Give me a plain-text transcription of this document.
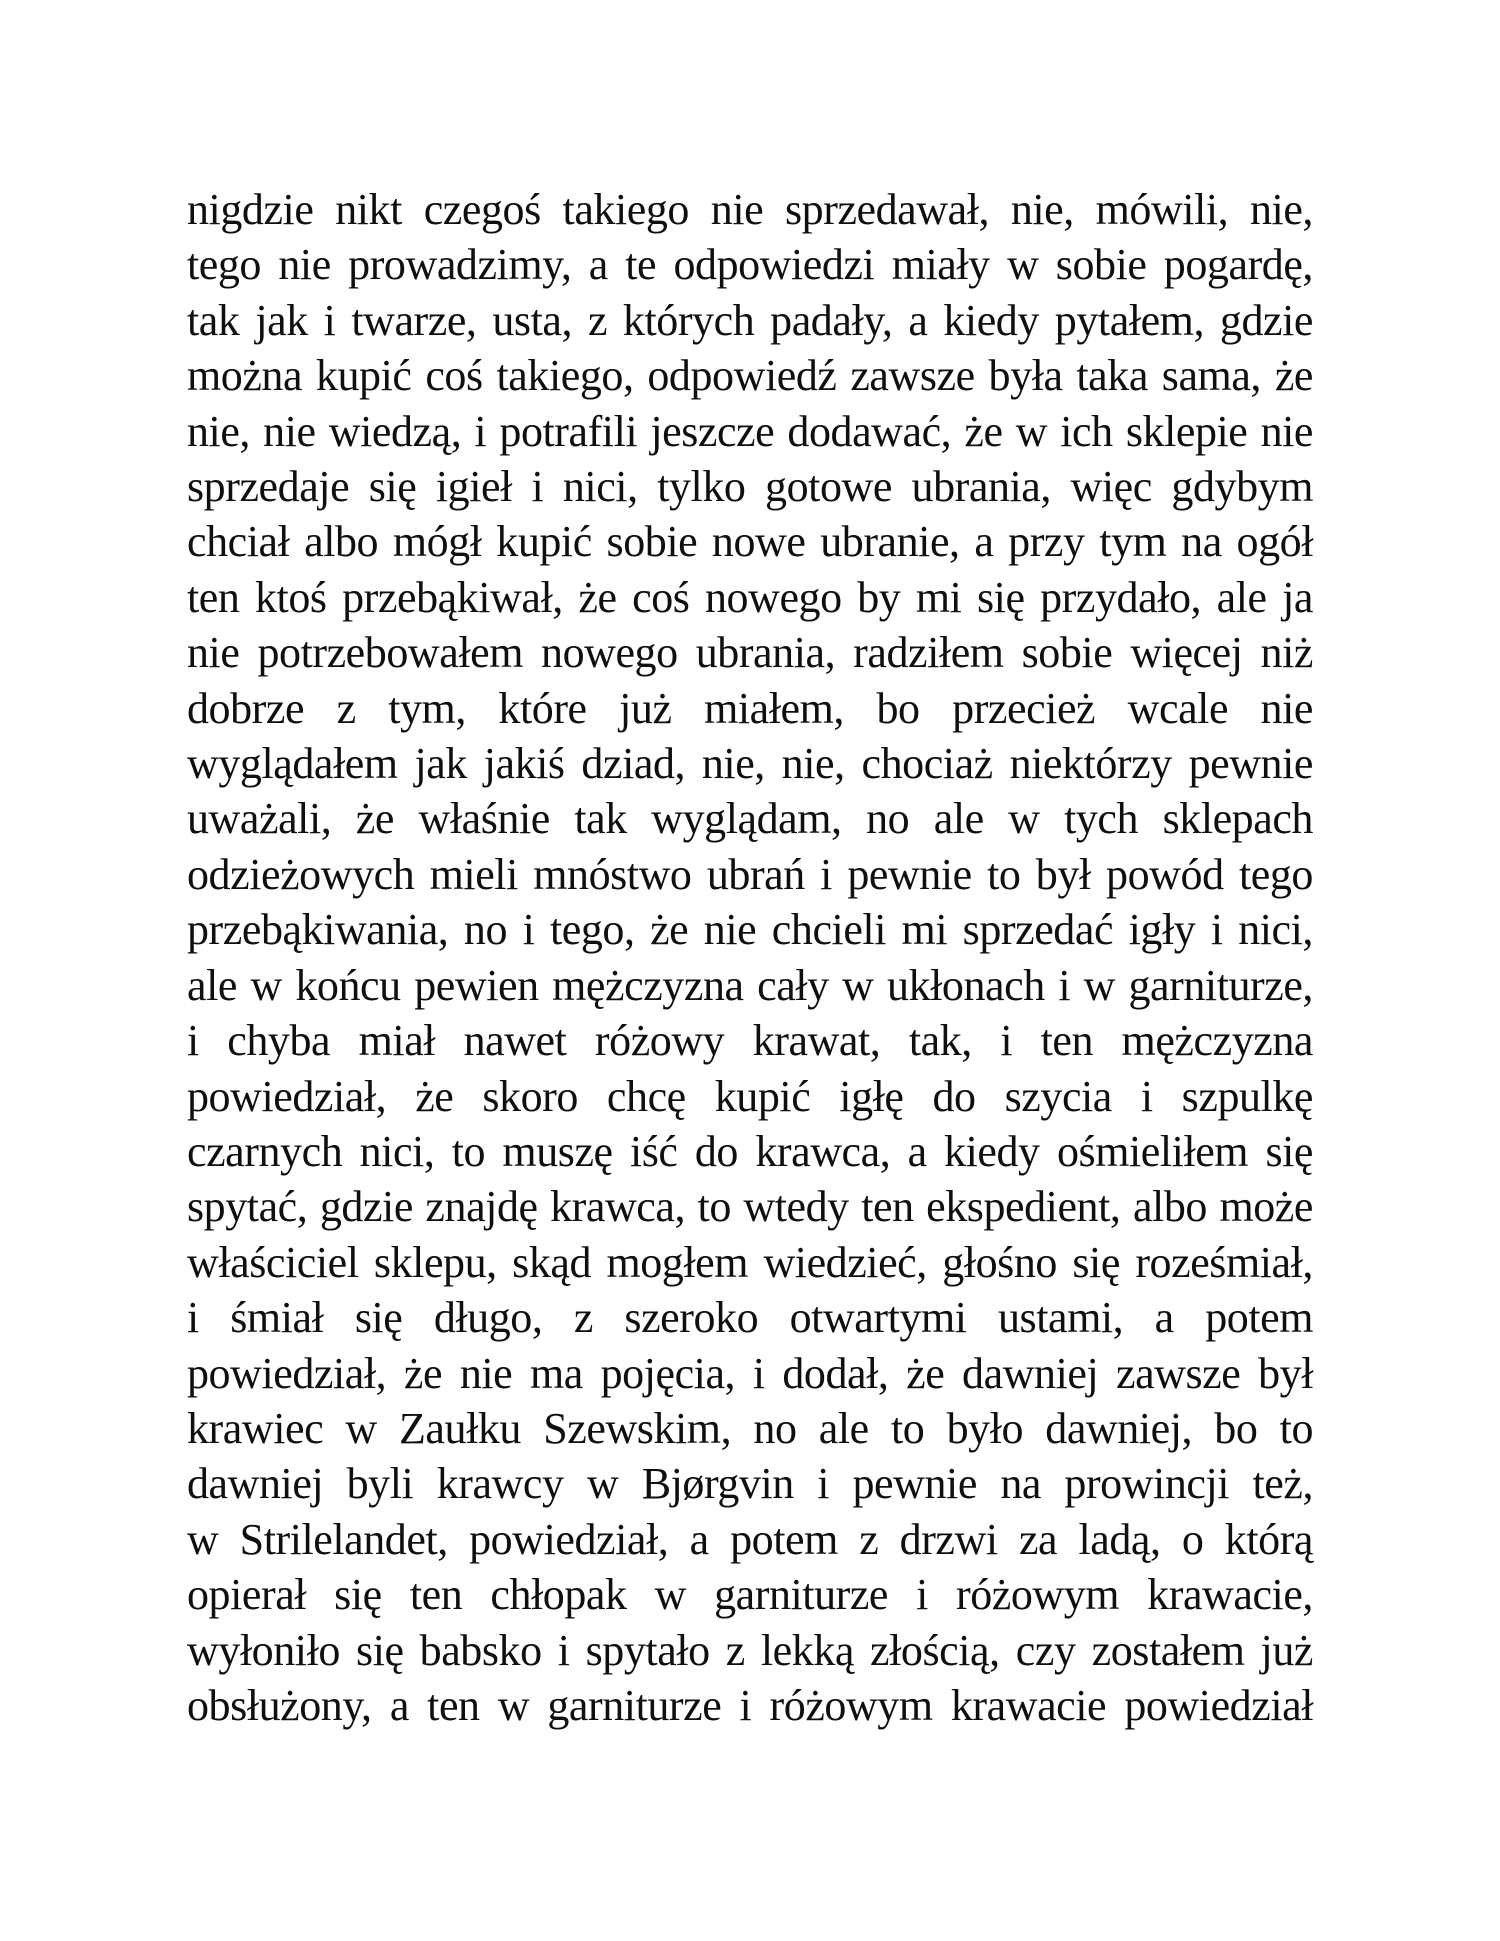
nigdzie nikt czegoś takiego nie sprzedawał, nie, mówili, nie,
tego nie prowadzimy, a te odpowiedzi miały w sobie pogardę,
tak jak i twarze, usta, z których padały, a kiedy pytałem, gdzie
można kupić coś takiego, odpowiedź zawsze była taka sama, że
nie, nie wiedzą, i potrafili jeszcze dodawać, że w ich sklepie nie
sprzedaje się igieł i nici, tylko gotowe ubrania, więc gdybym
chciał albo mógł kupić sobie nowe ubranie, a przy tym na ogół
ten ktoś przebąkiwał, że coś nowego by mi się przydało, ale ja
nie potrzebowałem nowego ubrania, radziłem sobie więcej niż
dobrze z tym, które już miałem, bo przecież wcale nie
wyglądałem jak jakiś dziad, nie, nie, chociaż niektórzy pewnie
uważali, że właśnie tak wyglądam, no ale w tych sklepach
odzieżowych mieli mnóstwo ubrań i pewnie to był powód tego
przebąkiwania, no i tego, że nie chcieli mi sprzedać igły i nici,
ale w końcu pewien mężczyzna cały w ukłonach i w garniturze,
i chyba miał nawet różowy krawat, tak, i ten mężczyzna
powiedział, że skoro chcę kupić igłę do szycia i szpulkę
czarnych nici, to muszę iść do krawca, a kiedy ośmieliłem się
spytać, gdzie znajdę krawca, to wtedy ten ekspedient, albo może
właściciel sklepu, skąd mogłem wiedzieć, głośno się roześmiał,
i śmiał się długo, z szeroko otwartymi ustami, a potem
powiedział, że nie ma pojęcia, i dodał, że dawniej zawsze był
krawiec w Zaułku Szewskim, no ale to było dawniej, bo to
dawniej byli krawcy w Bjørgvin i pewnie na prowincji też,
w Strilelandet, powiedział, a potem z drzwi za ladą, o którą
opierał się ten chłopak w garniturze i różowym krawacie,
wyłoniło się babsko i spytało z lekką złością, czy zostałem już
obsłużony, a ten w garniturze i różowym krawacie powiedział
